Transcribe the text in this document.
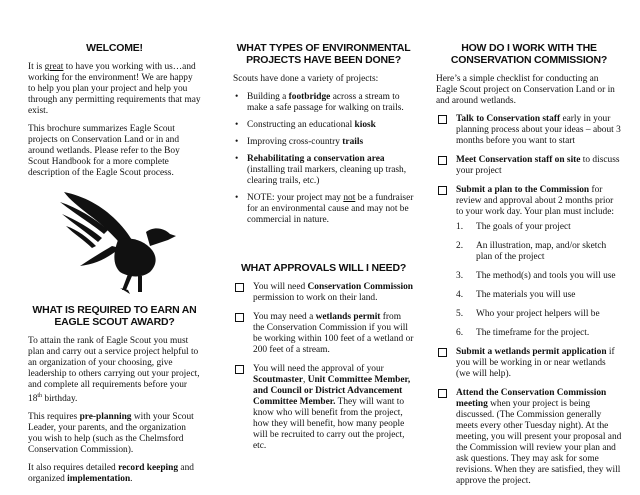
WELCOME!

It is great to have you working with us…and working for the environment! We are happy to help you plan your project and help you through any permitting requirements that may exist.

This brochure summarizes Eagle Scout projects on Conservation Land or in and around wetlands. Please refer to the Boy Scout Handbook for a more complete description of the Eagle Scout process.

WHAT IS REQUIRED TO EARN AN EAGLE SCOUT AWARD?

To attain the rank of Eagle Scout you must plan and carry out a service project helpful to an organization of your choosing, give leadership to others carrying out your project, and complete all requirements before your 18th birthday.

This requires pre-planning with your Scout Leader, your parents, and the organization you wish to help (such as the Chelmsford Conservation Commission).

It also requires detailed record keeping and organized implementation.

WHAT TYPES OF ENVIRONMENTAL PROJECTS HAVE BEEN DONE?

Scouts have done a variety of projects:

• Building a footbridge across a stream to make a safe passage for walking on trails.
• Constructing an educational kiosk
• Improving cross-country trails
• Rehabilitating a conservation area (installing trail markers, cleaning up trash, clearing trails, etc.)
• NOTE: your project may not be a fundraiser for an environmental cause and may not be commercial in nature.
WHAT APPROVALS WILL I NEED?
You will need Conservation Commission permission to work on their land.
You may need a wetlands permit from the Conservation Commission if you will be working within 100 feet of a wetland or 200 feet of a stream.
You will need the approval of your Scoutmaster, Unit Committee Member, and Council or District Advancement Committee Member. They will want to know who will benefit from the project, how they will benefit, how many people will be recruited to carry out the project, etc.
HOW DO I WORK WITH THE CONSERVATION COMMISSION?

Here’s a simple checklist for conducting an Eagle Scout project on Conservation Land or in and around wetlands.

Talk to Conservation staff early in your planning process about your ideas – about 3 months before you want to start
Meet Conservation staff on site to discuss your project
Submit a plan to the Commission for review and approval about 2 months prior to your work day. Your plan must include:
1. The goals of your project
2. An illustration, map, and/or sketch plan of the project
3. The method(s) and tools you will use
4. The materials you will use
5. Who your project helpers will be
6. The timeframe for the project.
Submit a wetlands permit application if you will be working in or near wetlands (we will help).
Attend the Conservation Commission meeting when your project is being discussed. (The Commission generally meets every other Tuesday night). At the meeting, you will present your proposal and the Commission will review your plan and ask questions. They may ask for some revisions. When they are satisfied, they will approve the project.
